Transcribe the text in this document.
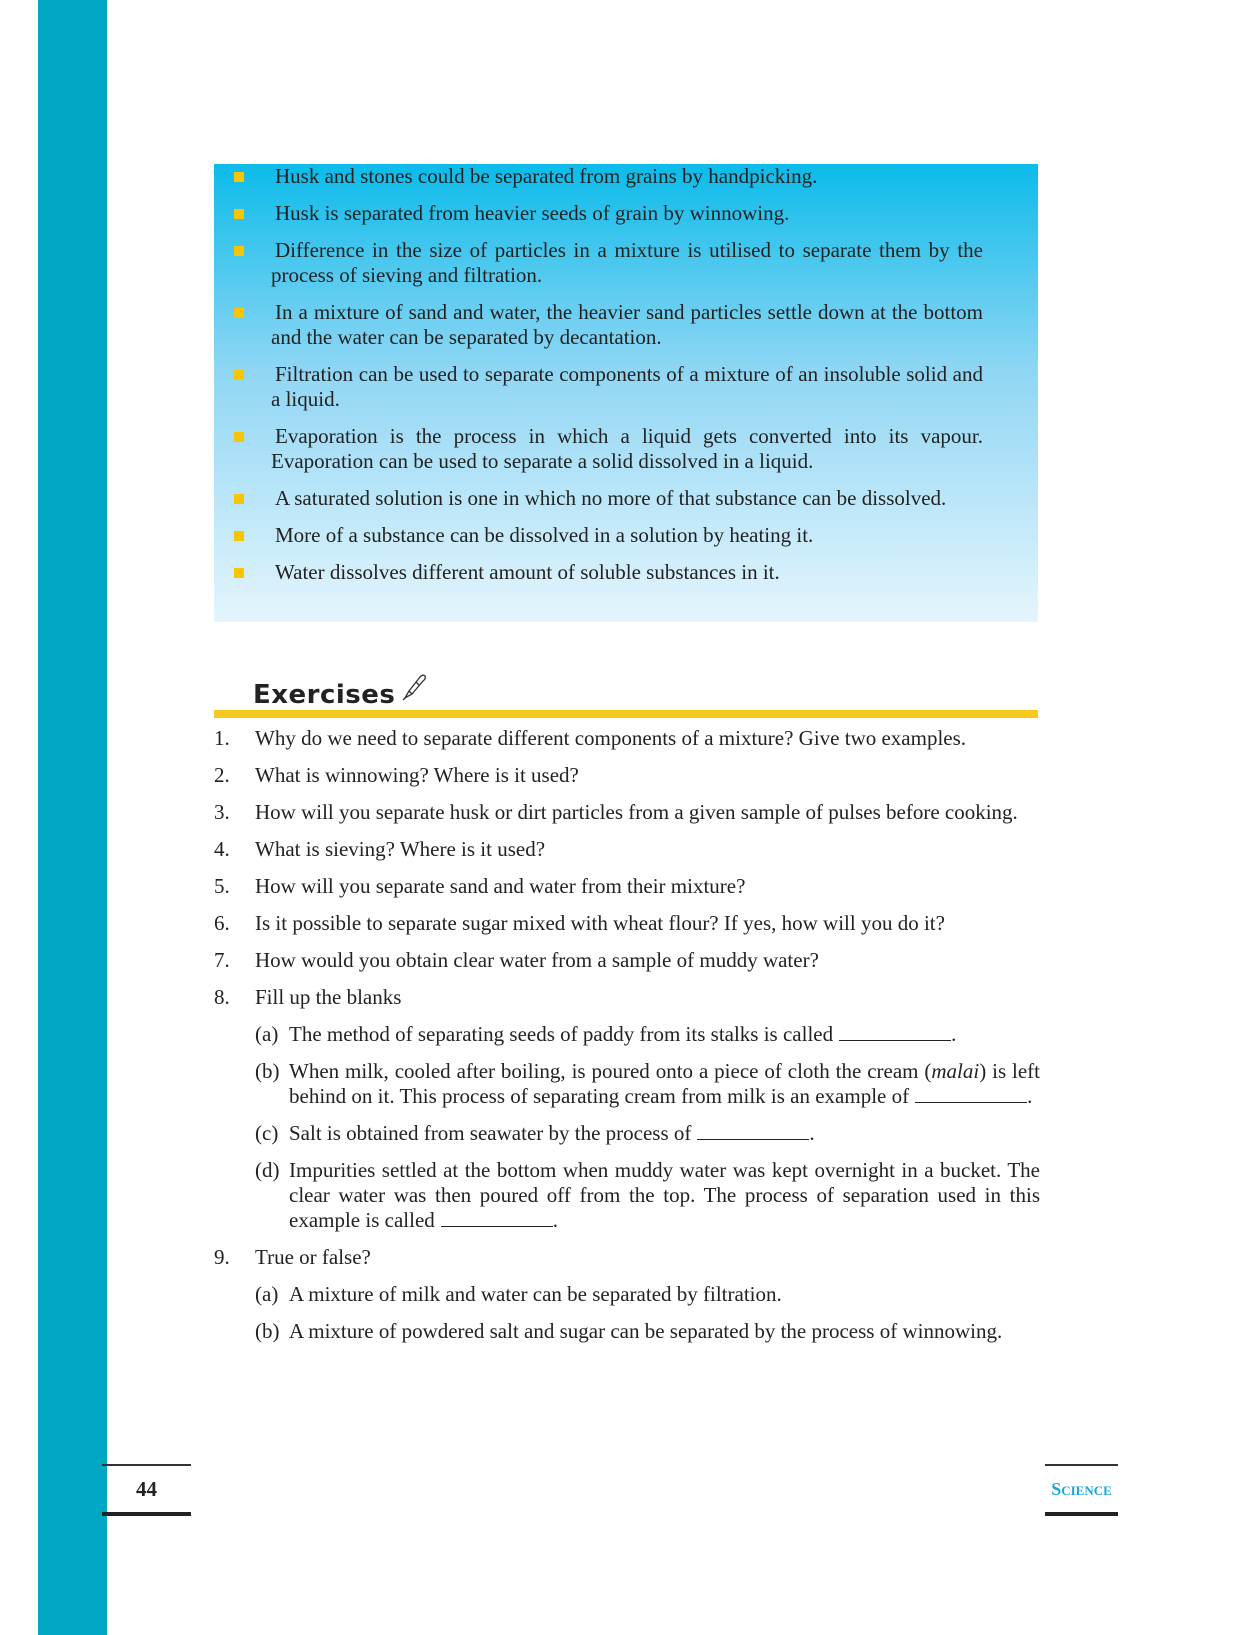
Husk and stones could be separated from grains by handpicking.
Husk is separated from heavier seeds of grain by winnowing.
Difference in the size of particles in a mixture is utilised to separate them by the process of sieving and filtration.
In a mixture of sand and water, the heavier sand particles settle down at the bottom and the water can be separated by decantation.
Filtration can be used to separate components of a mixture of an insoluble solid and a liquid.
Evaporation is the process in which a liquid gets converted into its vapour. Evaporation can be used to separate a solid dissolved in a liquid.
A saturated solution is one in which no more of that substance can be dissolved.
More of a substance can be dissolved in a solution by heating it.
Water dissolves different amount of soluble substances in it.
Exercises
1. Why do we need to separate different components of a mixture? Give two examples.
2. What is winnowing? Where is it used?
3. How will you separate husk or dirt particles from a given sample of pulses before cooking.
4. What is sieving? Where is it used?
5. How will you separate sand and water from their mixture?
6. Is it possible to separate sugar mixed with wheat flour? If yes, how will you do it?
7. How would you obtain clear water from a sample of muddy water?
8. Fill up the blanks
(a) The method of separating seeds of paddy from its stalks is called	.
(b) When milk, cooled after boiling, is poured onto a piece of cloth the cream (malai) is left behind on it. This process of separating cream from milk is an example of	.
(c) Salt is obtained from seawater by the process of	.
(d) Impurities settled at the bottom when muddy water was kept overnight in a bucket. The clear water was then poured off from the top. The process of separation used in this example is called	.
9. True or false?
(a) A mixture of milk and water can be separated by filtration.
(b) A mixture of powdered salt and sugar can be separated by the process of winnowing.
44	Science
